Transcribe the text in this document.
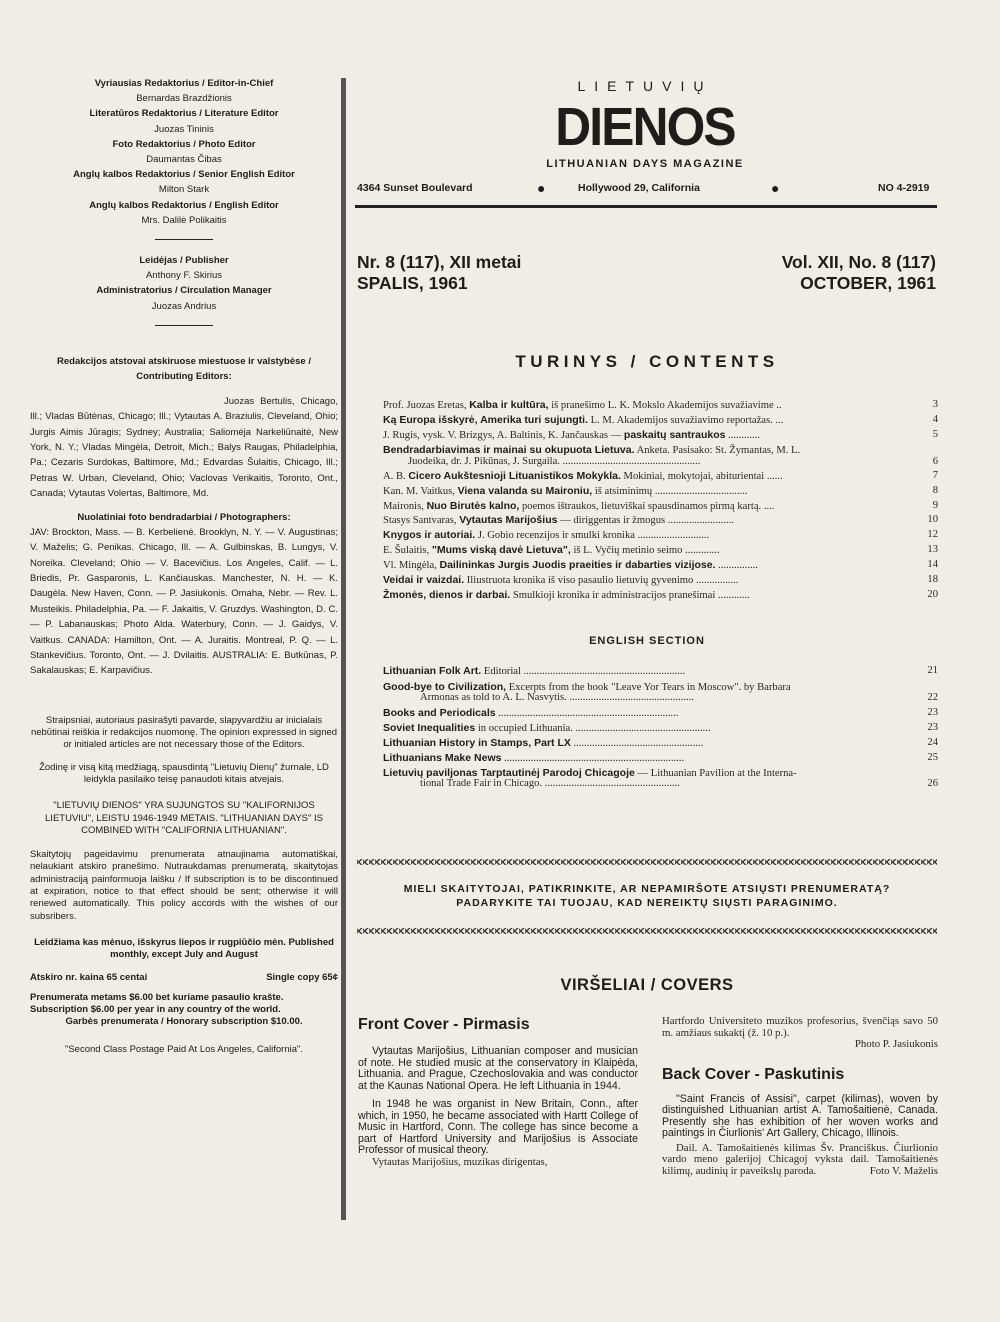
Vyriausias Redaktorius / Editor-in-Chief
Bernardas Brazdžionis
Literatūros Redaktorius / Literature Editor
Juozas Tininis
Foto Redaktorius / Photo Editor
Daumantas Čibas
Anglų kalbos Redaktorius / Senior English Editor
Milton Stark
Anglų kalbos Redaktorius / English Editor
Mrs. Dalilė Polikaitis
Leidėjas / Publisher
Anthony F. Skirius
Administratorius / Circulation Manager
Juozas Andrius
Redakcijos atstovai atskiruose miestuose ir valstybėse / Contributing Editors:
Juozas Bertulis, Chicago, Ill.; Vladas Būtėnas, Chicago; Ill.; Vytautas A. Braziulis, Cleveland, Ohio; Jurgis Aimis Jūragis; Sydney; Australia; Saliomėja Narkeliūnaitė, New York, N. Y.; Vladas Mingėla, Detroit, Mich.; Balys Raugas, Philadelphia, Pa.; Cezaris Surdokas, Baltimore, Md.; Edvardas Šulaitis, Chicago, Ill.; Petras W. Urban, Cleveland, Ohio; Vaclovas Verikaitis, Toronto, Ont., Canada; Vytautas Volertas, Baltimore, Md.
Nuolatiniai foto bendradarbiai / Photographers:
JAV: Brockton, Mass. — B. Kerbelienė. Brooklyn, N. Y. — V. Augustinas; V. Maželis; G. Penikas. Chicago, Ill. — A. Gulbinskas, B. Lungys, V. Noreika. Cleveland; Ohio — V. Bacevičius. Los Angeles, Calif. — L. Briedis, Pr. Gasparonis, L. Kančiauskas. Manchester, N. H. — K. Daugėla. New Haven, Conn. — P. Jasiukonis. Omaha, Nebr. — Rev. L. Musteikis. Philadelphia, Pa. — F. Jakaitis, V. Gruzdys. Washington, D. C. — P. Labanauskas; Photo Alda. Waterbury, Conn. — J. Gaidys, V. Vaitkus. CANADA: Hamilton, Ont. — A. Juraitis. Montreal, P. Q. — L. Stankevičius. Toronto, Ont. — J. Dvilaitis. AUSTRALIA: E. Butkūnas, P. Sakalauskas; E. Karpavičius.
Straipsniai, autoriaus pasirašyti pavarde, slapyvardžiu ar inicialais nebūtinai reiškia ir redakcijos nuomonę. The opinion expressed in signed or initialed articles are not necessary those of the Editors.
Žodinę ir visą kitą medžiagą, spausdintą "Lietuvių Dienų" žurnale, LD leidykla pasilaiko teisę panaudoti kitais atvejais.
"LIETUVIŲ DIENOS" YRA SUJUNGTOS SU "KALIFORNIJOS LIETUVIU", LEISTU 1946-1949 METAIS. "LITHUANIAN DAYS" IS COMBINED WITH "CALIFORNIA LITHUANIAN".
Skaitytojų pageidavimu prenumerata atnaujinama automatiškai, nelaukiant atskiro pranešimo. Nutraukdamas prenumeratą, skaitytojas administraciją painformuoja laišku / If subscription is to be discontinued at expiration, notice to that effect should be sent; otherwise it will renewed automatically. This policy accords with the wishes of our subsribers.
Leidžiama kas mėnuo, išskyrus liepos ir rugpiūčio mėn. Published monthly, except July and August
Atskiro nr. kaina 65 centai	Single copy 65¢
Prenumerata metams $6.00 bet kuriame pasaulio krašte. Subscription $6.00 per year in any country of the world.
Garbės prenumerata / Honorary subscription $10.00.
"Second Class Postage Paid At Los Angeles, California".
LIETUVIŲ
DIENOS
LITHUANIAN DAYS MAGAZINE
4364 Sunset Boulevard	●	Hollywood 29, California	●	NO 4-2919
Nr. 8 (117), XII metai
SPALIS, 1961
Vol. XII, No. 8 (117)
OCTOBER, 1961
TURINYS / CONTENTS
Prof. Juozas Eretas, Kalba ir kultūra, iš pranešimo L. K. Mokslo Akademijos suvažiavime ..	3
Ką Europa išskyrė, Amerika turi sujungti. L. M. Akademijos suvažiavimo reportažas. ...	4
J. Rugis, vysk. V. Brizgys, A. Baltinis, K. Jančauskas — paskaitų santraukos ............	5
Bendradarbiavimas ir mainai su okupuota Lietuva. Anketa. Pasisako: St. Žymantas, M. L.
Juodeika, dr. J. Pikūnas, J. Surgaila. ....................................................	6
A. B. Cicero Aukštesnioji Lituanistikos Mokykla. Mokiniai, mokytojai, abiturientai ......	7
Kan. M. Vaitkus, Viena valanda su Maironiu, iš atsiminimų ...................................	8
Maironis, Nuo Birutės kalno, poemos ištraukos, lietuviškai spausdinamos pirmą kartą. ....	9
Stasys Santvaras, Vytautas Marijošius — diriggentas ir žmogus .........................	10
Knygos ir autoriai. J. Gobio recenzijos ir smulki kronika ...........................	12
E. Šulaitis, "Mums viską davė Lietuva", iš L. Vyčių metinio seimo .............	13
Vl. Mingėla, Dailininkas Jurgis Juodis praeities ir dabarties vizijose. ...............	14
Veidai ir vaizdai. Iliustruota kronika iš viso pasaulio lietuvių gyvenimo ................	18
Žmonės, dienos ir darbai. Smulkioji kronika ir administracijos pranešimai ............	20
ENGLISH SECTION
Lithuanian Folk Art. Editorial .............................................................	21
Good-bye to Civilization, Excerpts from the book "Leave Yor Tears in Moscow". by Barbara
Armonas as told to A. L. Nasvytis. ...............................................	22
Books and Periodicals ....................................................................	23
Soviet Inequalities in occupied Lithuania. ...................................................	23
Lithuanian History in Stamps, Part LX .................................................	24
Lithuanians Make News ....................................................................	25
Lietuvių paviljonas Tarptautinėj Parodoj Chicagoje — Lithuanian Pavilion at the Interna-
tional Trade Fair in Chicago. ...................................................	26
MIELI SKAITYTOJAI, PATIKRINKITE, AR NEPAMIRŠOTE ATSIŲSTI PRENUMERATĄ?
PADARYKITE TAI TUOJAU, KAD NEREIKTŲ SIŲSTI PARAGINIMO.
VIRŠELIAI / COVERS
Front Cover - Pirmasis
Vytautas Marijošius, Lithuanian composer and musician of note. He studied music at the conservatory in Klaipėda, Lithuania. and Prague, Czechoslovakia and was conductor at the Kaunas National Opera. He left Lithuania in 1944.
In 1948 he was organist in New Britain, Conn., after which, in 1950, he became associated with Hartt College of Music in Hartford, Conn. The college has since become a part of Hartford University and Marijošius is Associate Professor of musical theory.
Vytautas Marijošius, muzikas dirigentas,
Hartfordo Universiteto muzikos profesorius, švenčiąs savo 50 m. amžiaus sukaktį (ž. 10 p.).
Photo P. Jasiukonis
Back Cover - Paskutinis
"Saint Francis of Assisi", carpet (kilimas), woven by distinguished Lithuanian artist A. Tamošaitienė, Canada. Presently she has exhibition of her woven works and paintings in Čiurlionis' Art Gallery, Chicago, Illinois.
Dail. A. Tamošaitienės kilimas Šv. Pranciškus. Čiurlionio vardo meno galerijoj Chicagoj vyksta dail. Tamošaitienės kilimų, audinių ir paveikslų paroda.	Foto V. Maželis
